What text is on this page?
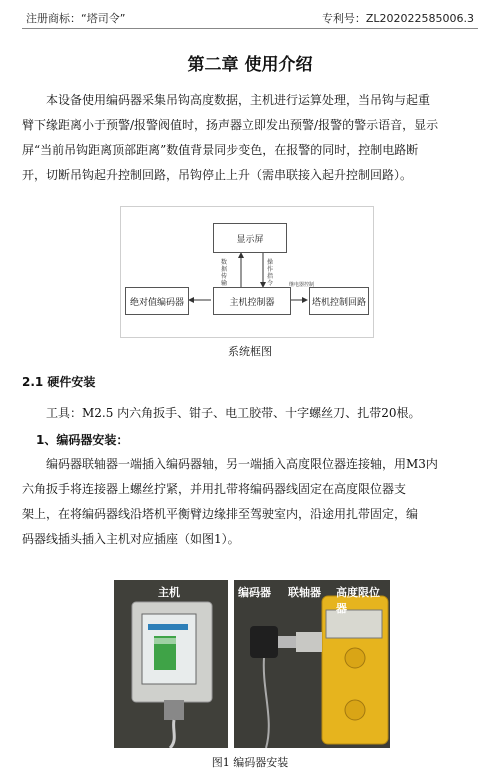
注册商标：“塔司令”	专利号：ZL202022585006.3
第二章 使用介绍
本设备使用编码器采集吊钩高度数据，主机进行运算处理，当吊钩与起重
臂下缘距离小于预警/报警阀值时，扬声器立即发出预警/报警的警示语音，显示
屏“当前吊钩距离顶部距离”数值背景同步变色，在报警的同时，控制电路断
开，切断吊钩起升控制回路，吊钩停止上升（需串联接入起升控制回路）。
显示屏
绝对值编码器	主机控制器	塔机控制回路
数据传输
操作指令	继电器控制
系统框图
2.1 硬件安装
工具：M2.5 内六角扳手、钳子、电工胶带、十字螺丝刀、扎带20根。
1、编码器安装：
编码器联轴器一端插入编码器轴，另一端插入高度限位器连接轴，用M3内
六角扳手将连接器上螺丝拧紧，并用扎带将编码器线固定在高度限位器支
架上，在将编码器线沿塔机平衡臂边缘排至驾驶室内，沿途用扎带固定，编
码器线插头插入主机对应插座（如图1）。
主机	编码器 联轴器 高度限位器
图1 编码器安装
